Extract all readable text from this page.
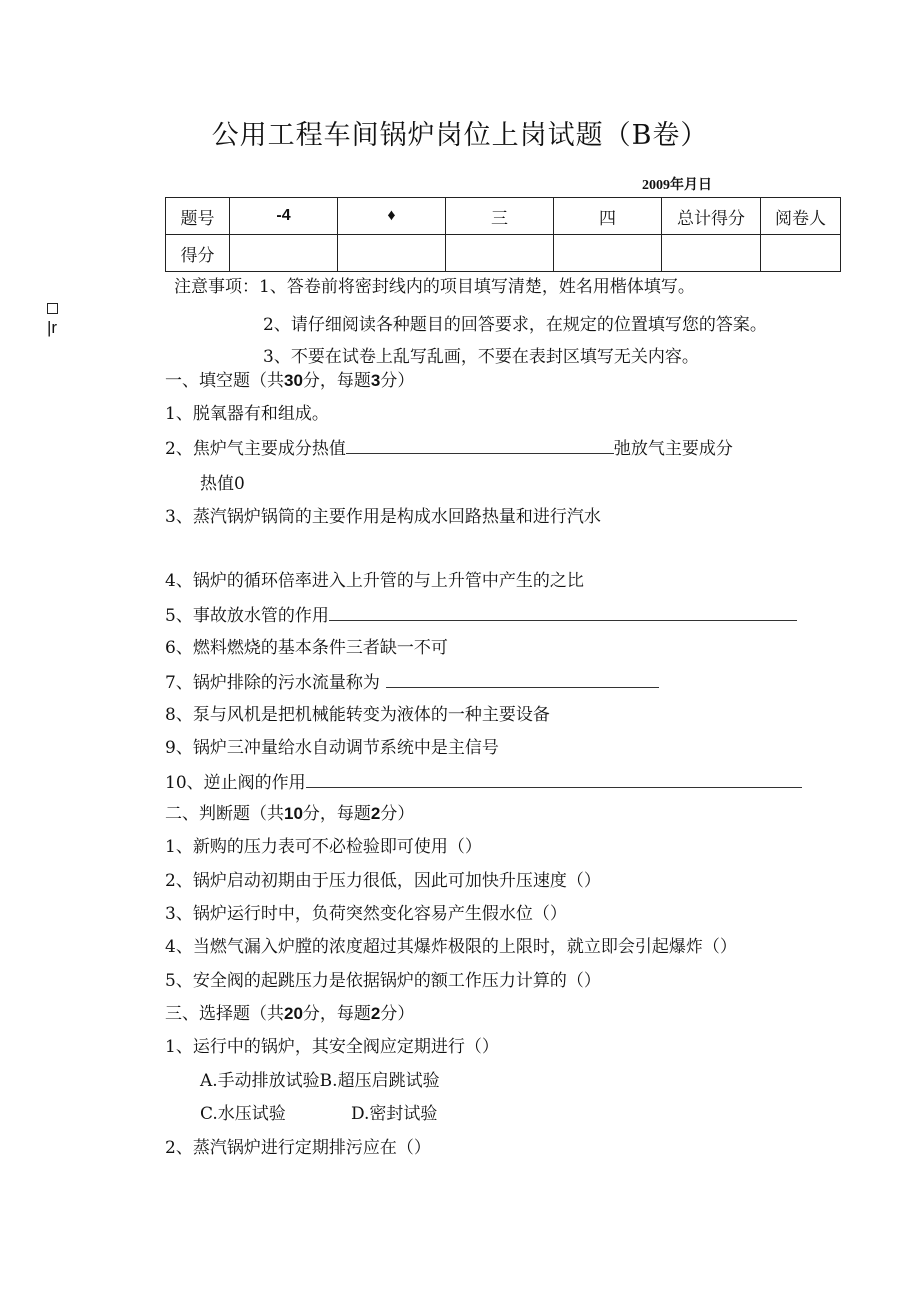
公用工程车间锅炉岗位上岗试题（B卷）
2009年月日
题号	-4	♦	三	四	总计得分	阅卷人
得分						
|r
注意事项：1、答卷前将密封线内的项目填写清楚，姓名用楷体填写。
2、请仔细阅读各种题目的回答要求，在规定的位置填写您的答案。
3、不要在试卷上乱写乱画，不要在表封区填写无关内容。
一、填空题（共30分，每题3分）
1、脱氧器有和组成。
2、焦炉气主要成分热值	弛放气主要成分
热值0
3、蒸汽锅炉锅筒的主要作用是构成水回路热量和进行汽水
4、锅炉的循环倍率进入上升管的与上升管中产生的之比
5、事故放水管的作用
6、燃料燃烧的基本条件三者缺一不可
7、锅炉排除的污水流量称为
8、泵与风机是把机械能转变为液体的一种主要设备
9、锅炉三冲量给水自动调节系统中是主信号
10、逆止阀的作用
二、判断题（共10分，每题2分）
1、新购的压力表可不必检验即可使用（）
2、锅炉启动初期由于压力很低，因此可加快升压速度（）
3、锅炉运行时中，负荷突然变化容易产生假水位（）
4、当燃气漏入炉膛的浓度超过其爆炸极限的上限时，就立即会引起爆炸（）
5、安全阀的起跳压力是依据锅炉的额工作压力计算的（）
三、选择题（共20分，每题2分）
1、运行中的锅炉，其安全阀应定期进行（）
A.手动排放试验B.超压启跳试验
C.水压试验	D.密封试验
2、蒸汽锅炉进行定期排污应在（）
